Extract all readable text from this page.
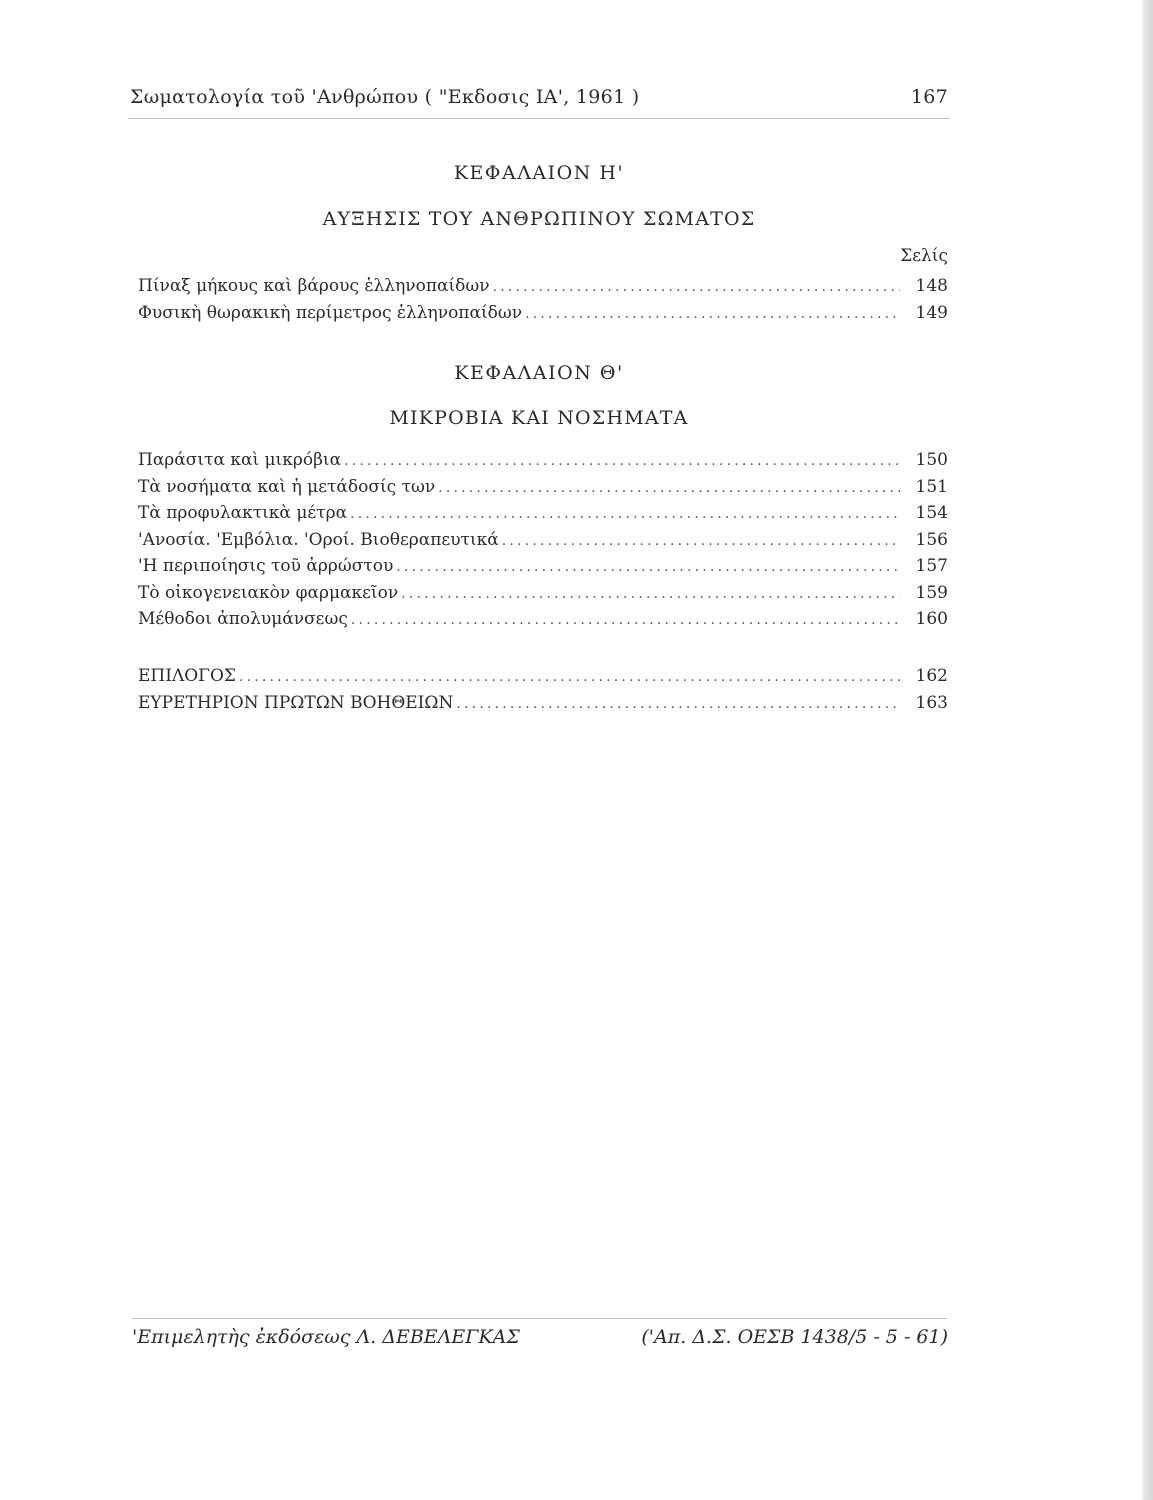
Σωματολογία τοῦ 'Ανθρώπου ( "Εκδοσις ΙΑ', 1961 )	167
ΚΕΦΑΛΑΙΟΝ Η'
ΑΥΞΗΣΙΣ ΤΟΥ ΑΝΘΡΩΠΙΝΟΥ ΣΩΜΑΤΟΣ
Σελίς
Πίναξ μήκους καὶ βάρους ἑλληνοπαίδων .....	148
Φυσικὴ θωρακικὴ περίμετρος ἑλληνοπαίδων .....	149
ΚΕΦΑΛΑΙΟΝ Θ'
ΜΙΚΡΟΒΙΑ ΚΑΙ ΝΟΣΗΜΑΤΑ
Παράσιτα καὶ μικρόβια .....	150
Τὰ νοσήματα καὶ ἡ μετάδοσίς των .....	151
Τὰ προφυλακτικὰ μέτρα .....	154
'Ανοσία. 'Εμβόλια. 'Οροί. Βιοθεραπευτικά .....	156
'Η περιποίησις τοῦ ἀρρώστου .....	157
Τὸ οἰκογενειακὸν φαρμακεῖον .....	159
Μέθοδοι ἀπολυμάνσεως .....	160
ΕΠΙΛΟΓΟΣ .....	162
ΕΥΡΕΤΗΡΙΟΝ ΠΡΩΤΩΝ ΒΟΗΘΕΙΩΝ .....	163
'Επιμελητὴς ἐκδόσεως Λ. ΔΕΒΕΛΕΓΚΑΣ	('Απ. Δ.Σ. ΟΕΣΒ 1438/5 - 5 - 61)
